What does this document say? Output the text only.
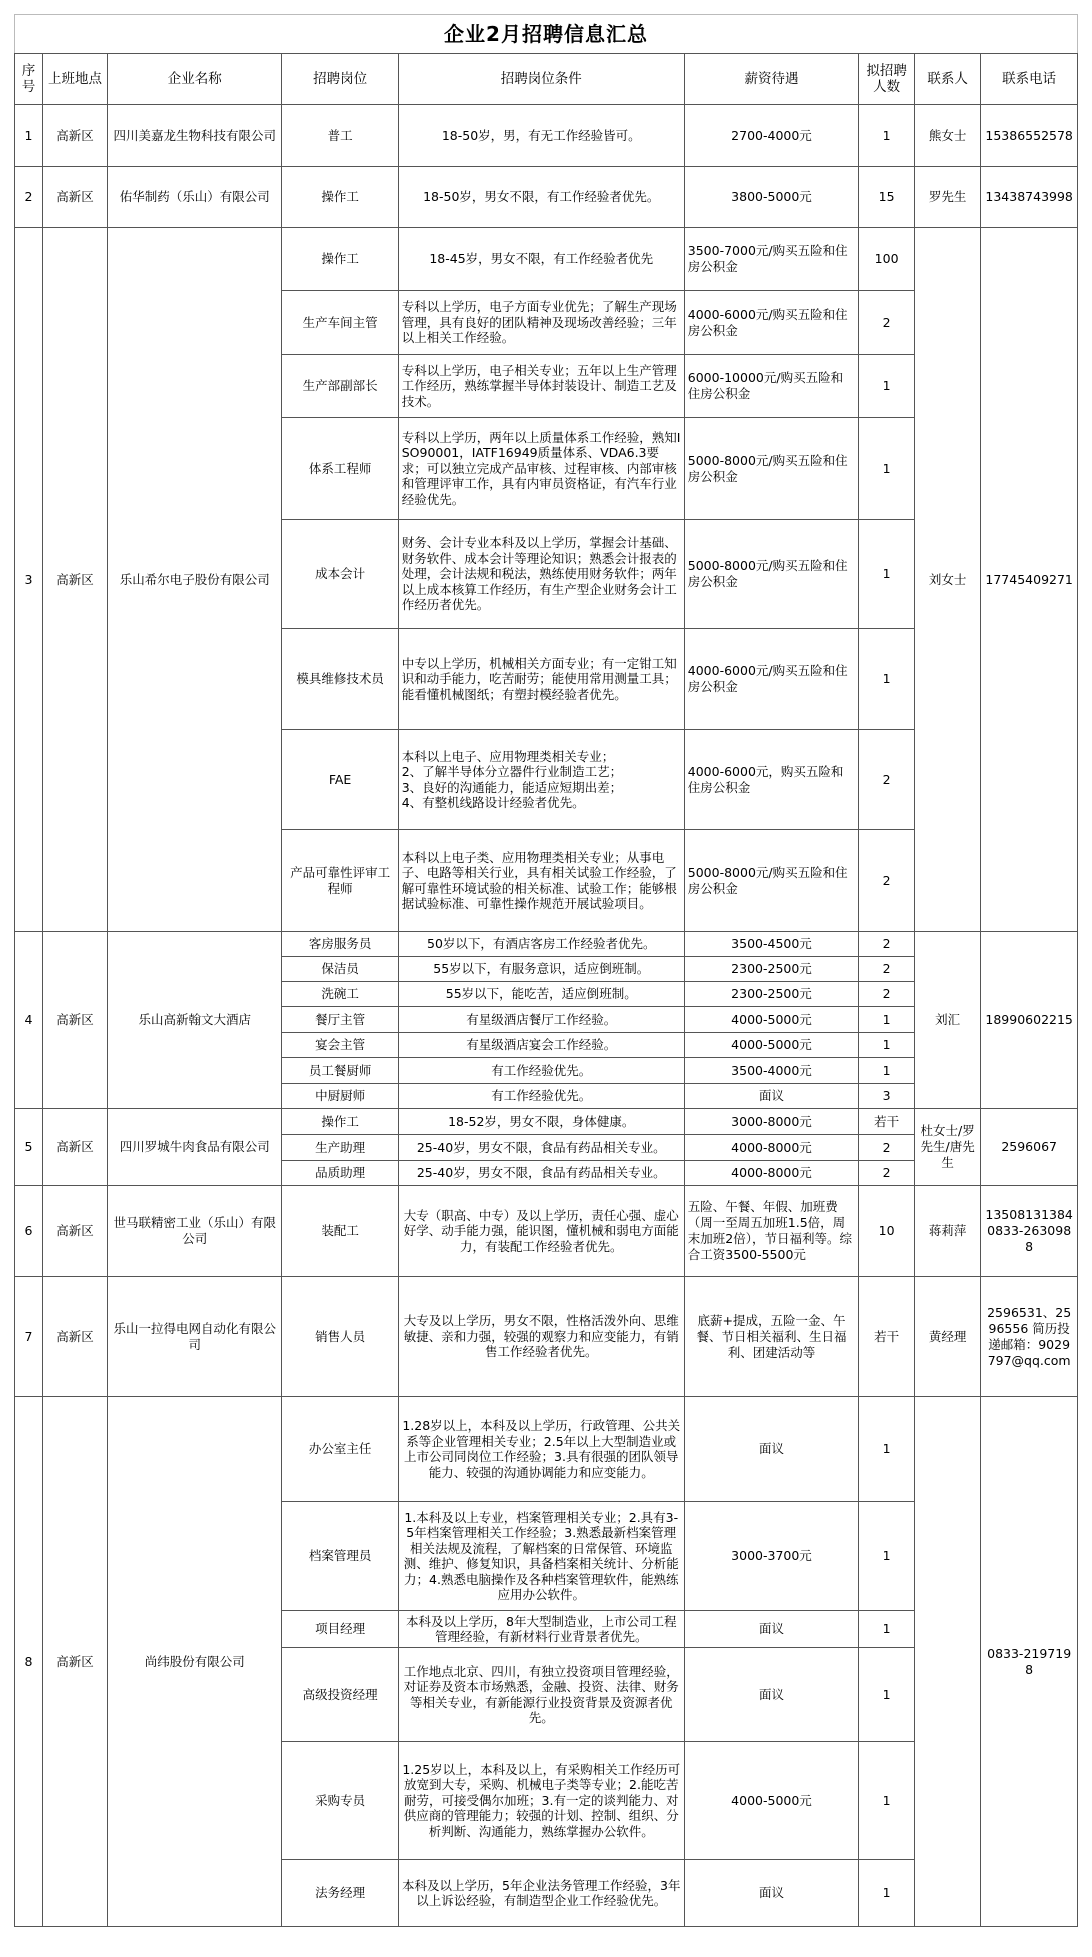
企业2月招聘信息汇总								
序号	上班地点	企业名称	招聘岗位	招聘岗位条件	薪资待遇	拟招聘人数	联系人	联系电话
1	高新区	四川美嘉龙生物科技有限公司	普工	18-50岁，男，有无工作经验皆可。	2700-4000元	1	熊女士	15386552578
2	高新区	佑华制药（乐山）有限公司	操作工	18-50岁，男女不限，有工作经验者优先。	3800-5000元	15	罗先生	13438743998
3	高新区	乐山希尔电子股份有限公司	操作工	18-45岁，男女不限，有工作经验者优先	3500-7000元/购买五险和住房公积金	100	刘女士	17745409271
			生产车间主管	专科以上学历，电子方面专业优先；了解生产现场管理，具有良好的团队精神及现场改善经验；三年以上相关工作经验。	4000-6000元/购买五险和住房公积金	2		
			生产部副部长	专科以上学历，电子相关专业；五年以上生产管理工作经历，熟练掌握半导体封装设计、制造工艺及技术。	6000-10000元/购买五险和住房公积金	1		
			体系工程师	专科以上学历，两年以上质量体系工作经验，熟知ISO90001，IATF16949质量体系、VDA6.3要求；可以独立完成产品审核、过程审核、内部审核和管理评审工作，具有内审员资格证，有汽车行业经验优先。	5000-8000元/购买五险和住房公积金	1		
			成本会计	财务、会计专业本科及以上学历，掌握会计基础、财务软件、成本会计等理论知识；熟悉会计报表的处理，会计法规和税法，熟练使用财务软件；两年以上成本核算工作经历，有生产型企业财务会计工作经历者优先。	5000-8000元/购买五险和住房公积金	1		
			模具维修技术员	中专以上学历，机械相关方面专业；有一定钳工知识和动手能力，吃苦耐劳；能使用常用测量工具；能看懂机械图纸；有塑封模经验者优先。	4000-6000元/购买五险和住房公积金	1		
			FAE	本科以上电子、应用物理类相关专业；
2、了解半导体分立器件行业制造工艺；
3、良好的沟通能力，能适应短期出差；
4、有整机线路设计经验者优先。	4000-6000元，购买五险和住房公积金	2		
			产品可靠性评审工程师	本科以上电子类、应用物理类相关专业；从事电子、电路等相关行业，具有相关试验工作经验，了解可靠性环境试验的相关标准、试验工作；能够根据试验标准、可靠性操作规范开展试验项目。	5000-8000元/购买五险和住房公积金	2		
4	高新区	乐山高新翰文大酒店	客房服务员	50岁以下，有酒店客房工作经验者优先。	3500-4500元	2	刘汇	18990602215
			保洁员	55岁以下，有服务意识，适应倒班制。	2300-2500元	2		
			洗碗工	55岁以下，能吃苦，适应倒班制。	2300-2500元	2		
			餐厅主管	有星级酒店餐厅工作经验。	4000-5000元	1		
			宴会主管	有星级酒店宴会工作经验。	4000-5000元	1		
			员工餐厨师	有工作经验优先。	3500-4000元	1		
			中厨厨师	有工作经验优先。	面议	3		
5	高新区	四川罗城牛肉食品有限公司	操作工	18-52岁，男女不限，身体健康。	3000-8000元	若干	杜女士/罗先生/唐先生	2596067
			生产助理	25-40岁，男女不限，食品有药品相关专业。	4000-8000元	2		
			品质助理	25-40岁，男女不限，食品有药品相关专业。	4000-8000元	2		
6	高新区	世马联精密工业（乐山）有限公司	装配工	大专（职高、中专）及以上学历，责任心强、虚心好学、动手能力强，能识图，懂机械和弱电方面能力，有装配工作经验者优先。	五险、午餐、年假、加班费（周一至周五加班1.5倍，周末加班2倍），节日福利等。综合工资3500-5500元	10	蒋莉萍	13508131384 0833-2630988
7	高新区	乐山一拉得电网自动化有限公司	销售人员	大专及以上学历，男女不限，性格活泼外向、思维敏捷、亲和力强，较强的观察力和应变能力，有销售工作经验者优先。	底薪+提成，五险一金、午餐、节日相关福利、生日福利、团建活动等	若干	黄经理	2596531、2596556 简历投递邮箱：9029797@qq.com
8	高新区	尚纬股份有限公司	办公室主任	1.28岁以上，本科及以上学历，行政管理、公共关系等企业管理相关专业；2.5年以上大型制造业或上市公司同岗位工作经验；3.具有很强的团队领导能力、较强的沟通协调能力和应变能力。	面议	1		0833-2197198
			档案管理员	1.本科及以上专业，档案管理相关专业；2.具有3-5年档案管理相关工作经验；3.熟悉最新档案管理相关法规及流程，了解档案的日常保管、环境监测、维护、修复知识，具备档案相关统计、分析能力；4.熟悉电脑操作及各种档案管理软件，能熟练应用办公软件。	3000-3700元	1		
			项目经理	本科及以上学历，8年大型制造业，上市公司工程管理经验，有新材料行业背景者优先。	面议	1		
			高级投资经理	工作地点北京、四川，有独立投资项目管理经验，对证券及资本市场熟悉，金融、投资、法律、财务等相关专业，有新能源行业投资背景及资源者优先。	面议	1		
			采购专员	1.25岁以上，本科及以上，有采购相关工作经历可放宽到大专，采购、机械电子类等专业；2.能吃苦耐劳，可接受偶尔加班；3.有一定的谈判能力、对供应商的管理能力；较强的计划、控制、组织、分析判断、沟通能力，熟练掌握办公软件。	4000-5000元	1		
			法务经理	本科及以上学历，5年企业法务管理工作经验，3年以上诉讼经验，有制造型企业工作经验优先。	面议	1		
